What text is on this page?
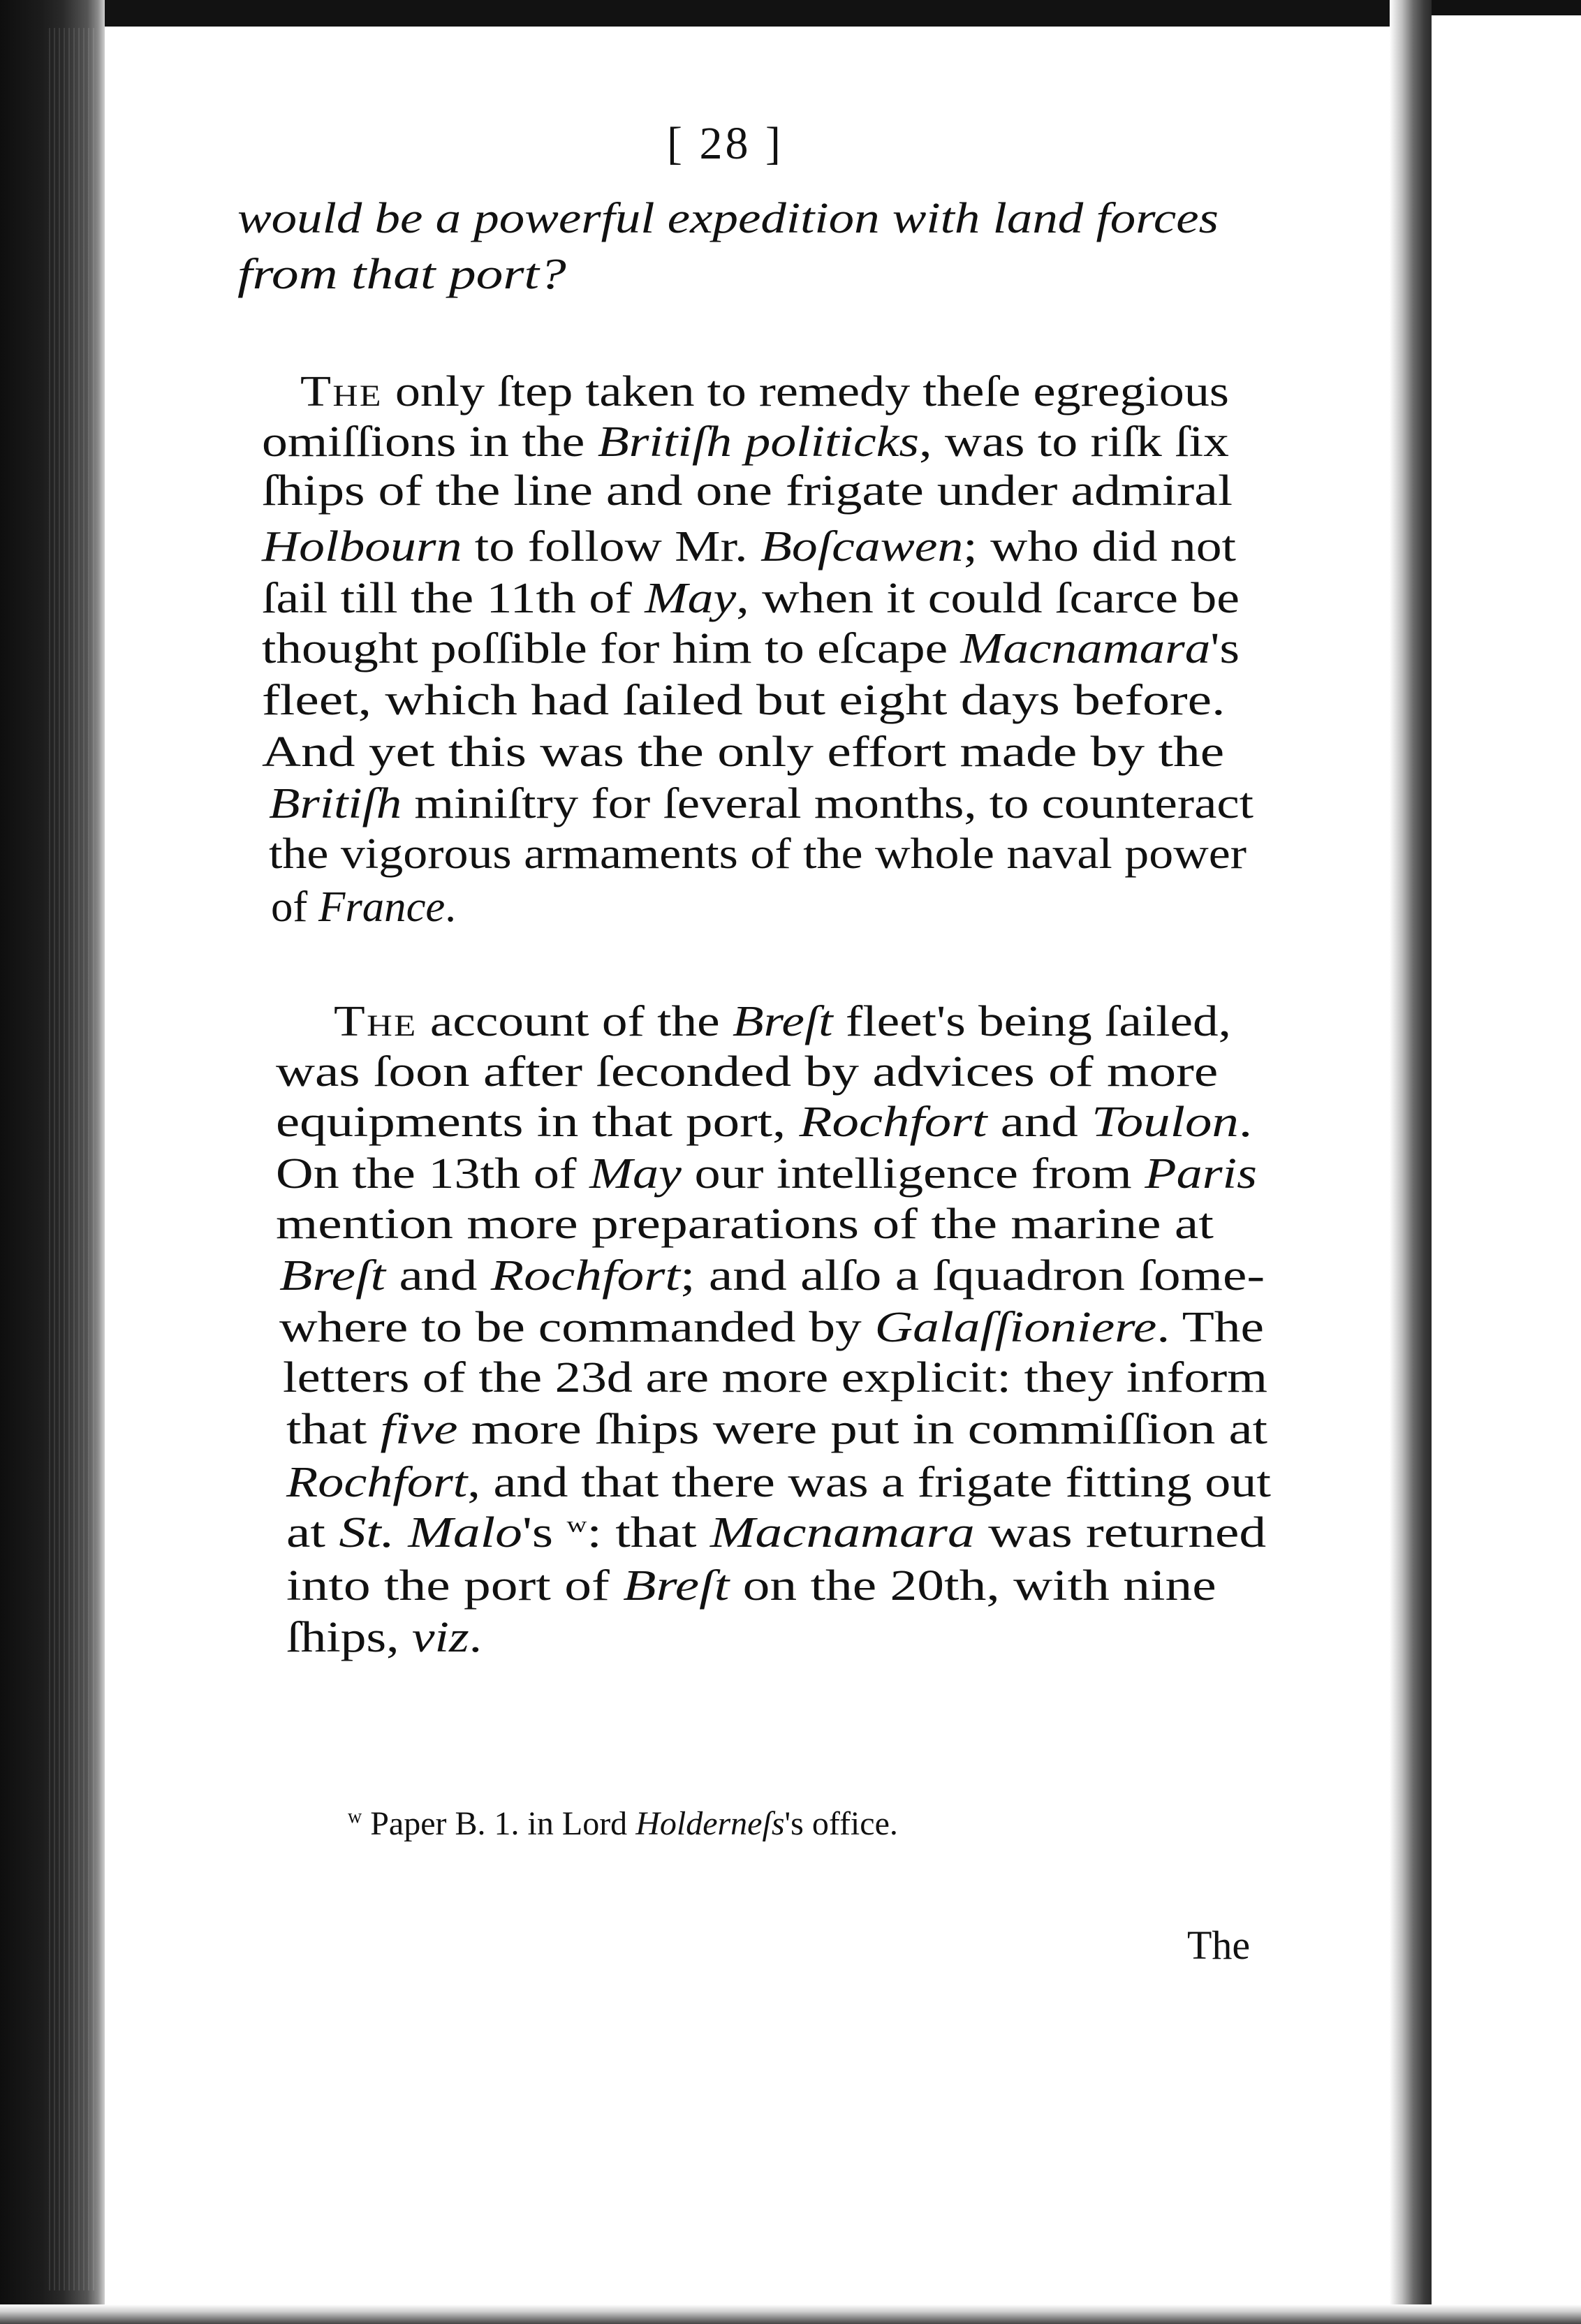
[ 28 ]
would be a powerful expedition with land forces
from that port?
The only ſtep taken to remedy theſe egregious
omiſſions in the Britiſh politicks, was to riſk ſix
ſhips of the line and one frigate under admiral
Holbourn to follow Mr. Boſcawen; who did not
ſail till the 11th of May, when it could ſcarce be
thought poſſible for him to eſcape Macnamara's
fleet, which had ſailed but eight days before.
And yet this was the only effort made by the
Britiſh miniſtry for ſeveral months, to counteract
the vigorous armaments of the whole naval power
of France.
The account of the Breſt fleet's being ſailed,
was ſoon after ſeconded by advices of more
equipments in that port, Rochfort and Toulon.
On the 13th of May our intelligence from Paris
mention more preparations of the marine at
Breſt and Rochfort; and alſo a ſquadron ſome-
where to be commanded by Galaſſioniere. The
letters of the 23d are more explicit: they inform
that five more ſhips were put in commiſſion at
Rochfort, and that there was a frigate fitting out
at St. Malo's $^w$: that Macnamara was returned
into the port of Breſt on the 20th, with nine
ſhips, viz.
$^w$ Paper B. 1. in Lord Holderneſs's office.
The
